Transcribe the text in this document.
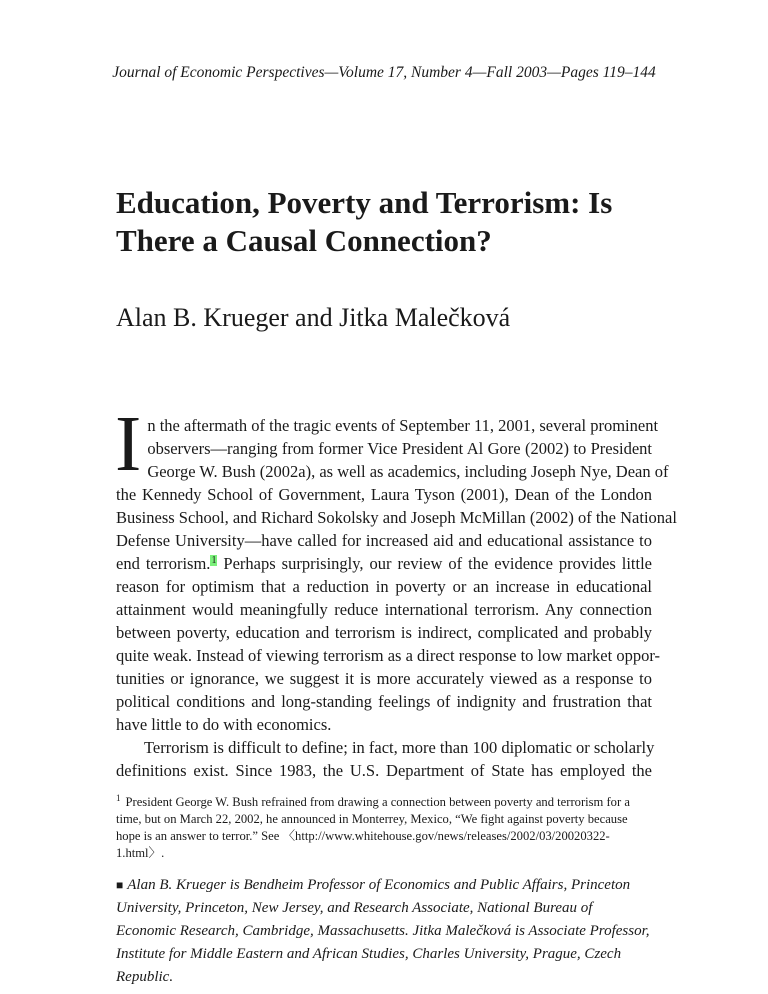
Journal of Economic Perspectives—Volume 17, Number 4—Fall 2003—Pages 119–144
Education, Poverty and Terrorism: Is There a Causal Connection?
Alan B. Krueger and Jitka Malečková

I n the aftermath of the tragic events of September 11, 2001, several prominent
observers—ranging from former Vice President Al Gore (2002) to President
George W. Bush (2002a), as well as academics, including Joseph Nye, Dean of
the Kennedy School of Government, Laura Tyson (2001), Dean of the London
Business School, and Richard Sokolsky and Joseph McMillan (2002) of the National
Defense University—have called for increased aid and educational assistance to
end terrorism.$^1$ Perhaps surprisingly, our review of the evidence provides little
reason for optimism that a reduction in poverty or an increase in educational
attainment would meaningfully reduce international terrorism. Any connection
between poverty, education and terrorism is indirect, complicated and probably
quite weak. Instead of viewing terrorism as a direct response to low market oppor-
tunities or ignorance, we suggest it is more accurately viewed as a response to
political conditions and long-standing feelings of indignity and frustration that
have little to do with economics.

Terrorism is difficult to define; in fact, more than 100 diplomatic or scholarly
definitions exist. Since 1983, the U.S. Department of State has employed the

$^1$ President George W. Bush refrained from drawing a connection between poverty and terrorism for a time, but on March 22, 2002, he announced in Monterrey, Mexico, “We fight against poverty because hope is an answer to terror.” See 〈http://www.whitehouse.gov/news/releases/2002/03/20020322-1.html〉.
■ Alan B. Krueger is Bendheim Professor of Economics and Public Affairs, Princeton University, Princeton, New Jersey, and Research Associate, National Bureau of Economic Research, Cambridge, Massachusetts. Jitka Malečková is Associate Professor, Institute for Middle Eastern and African Studies, Charles University, Prague, Czech Republic.
